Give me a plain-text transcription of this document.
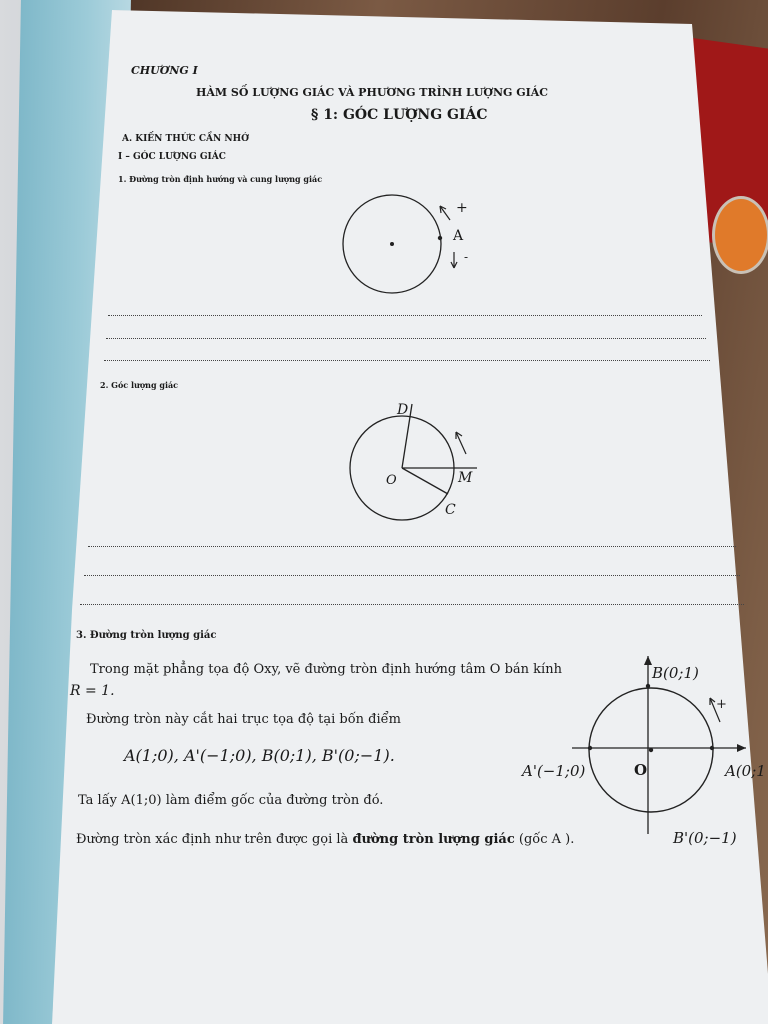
CHƯƠNG I
HÀM SỐ LƯỢNG GIÁC VÀ PHƯƠNG TRÌNH LƯỢNG GIÁC
§ 1: GÓC LƯỢNG GIÁC
A. KIẾN THỨC CẦN NHỚ
I – GÓC LƯỢNG GIÁC
1. Đường tròn định hướng và cung lượng giác
+
A
-
2. Góc lượng giác
D
O	M
C
3. Đường tròn lượng giác
Trong mặt phẳng tọa độ Oxy, vẽ đường tròn định hướng tâm O bán kính
R = 1.
Đường tròn này cắt hai trục tọa độ tại bốn điểm
A(1;0), A'(−1;0), B(0;1), B'(0;−1).
Ta lấy A(1;0) làm điểm gốc của đường tròn đó.
Đường tròn xác định như trên được gọi là đường tròn lượng giác (gốc A ).
B(0;1)
+
A'(−1;0)	O	A(0;1
B'(0;−1)
